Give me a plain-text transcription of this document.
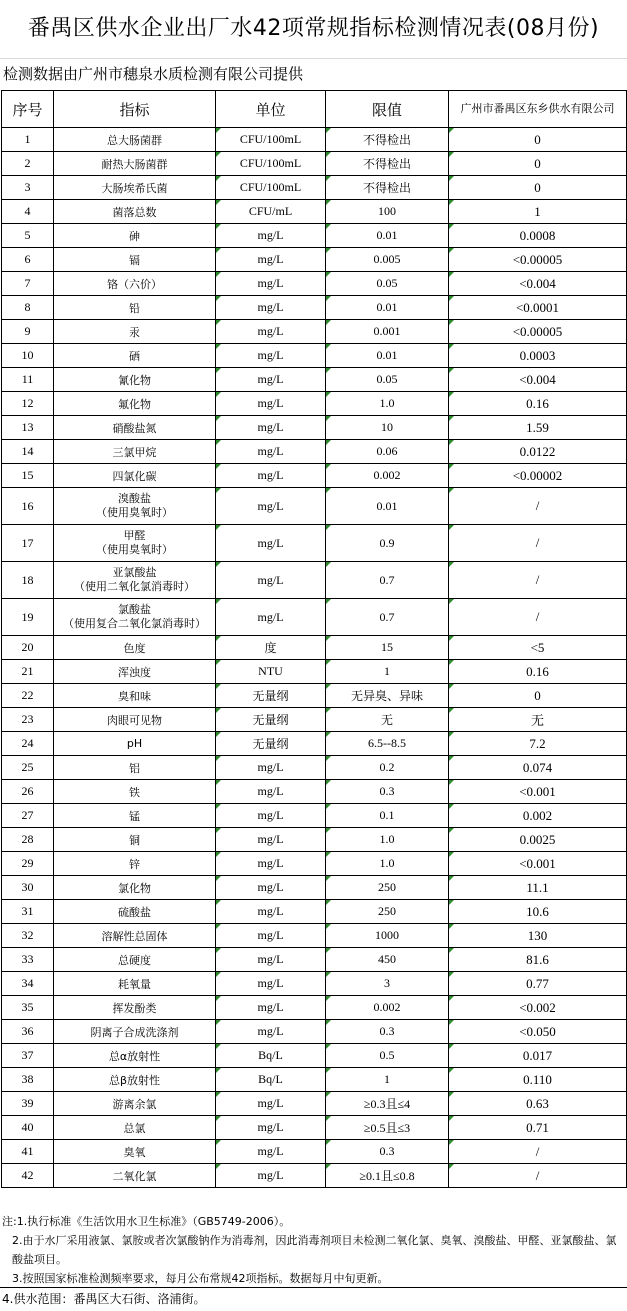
番禺区供水企业出厂水42项常规指标检测情况表(08月份)
检测数据由广州市穗泉水质检测有限公司提供
序号	指标	单位	限值	广州市番禺区东乡供水有限公司
1	总大肠菌群	CFU/100mL	不得检出	0
2	耐热大肠菌群	CFU/100mL	不得检出	0
3	大肠埃希氏菌	CFU/100mL	不得检出	0
4	菌落总数	CFU/mL	100	1
5	砷	mg/L	0.01	0.0008
6	镉	mg/L	0.005	<0.00005
7	铬（六价）	mg/L	0.05	<0.004
8	铅	mg/L	0.01	<0.0001
9	汞	mg/L	0.001	<0.00005
10	硒	mg/L	0.01	0.0003
11	氰化物	mg/L	0.05	<0.004
12	氟化物	mg/L	1.0	0.16
13	硝酸盐氮	mg/L	10	1.59
14	三氯甲烷	mg/L	0.06	0.0122
15	四氯化碳	mg/L	0.002	<0.00002
16	溴酸盐
（使用臭氧时）	mg/L	0.01	/
17	甲醛
（使用臭氧时）	mg/L	0.9	/
18	亚氯酸盐
（使用二氧化氯消毒时）	mg/L	0.7	/
19	氯酸盐
（使用复合二氧化氯消毒时）	mg/L	0.7	/
20	色度	度	15	<5
21	浑浊度	NTU	1	0.16
22	臭和味	无量纲	无异臭、异味	0
23	肉眼可见物	无量纲	无	无
24	pH	无量纲	6.5--8.5	7.2
25	铝	mg/L	0.2	0.074
26	铁	mg/L	0.3	<0.001
27	锰	mg/L	0.1	0.002
28	铜	mg/L	1.0	0.0025
29	锌	mg/L	1.0	<0.001
30	氯化物	mg/L	250	11.1
31	硫酸盐	mg/L	250	10.6
32	溶解性总固体	mg/L	1000	130
33	总硬度	mg/L	450	81.6
34	耗氧量	mg/L	3	0.77
35	挥发酚类	mg/L	0.002	<0.002
36	阴离子合成洗涤剂	mg/L	0.3	<0.050
37	总α放射性	Bq/L	0.5	0.017
38	总β放射性	Bq/L	1	0.110
39	游离余氯	mg/L	≥0.3且≤4	0.63
40	总氯	mg/L	≥0.5且≤3	0.71
41	臭氧	mg/L	0.3	/
42	二氧化氯	mg/L	≥0.1且≤0.8	/

注:1.执行标准《生活饮用水卫生标准》（GB5749-2006）。

2.由于水厂采用液氯、氯胺或者次氯酸钠作为消毒剂，因此消毒剂项目未检测二氧化氯、臭氧、溴酸盐、甲醛、亚氯酸盐、氯酸盐项目。

3.按照国家标准检测频率要求，每月公布常规42项指标。数据每月中旬更新。

4.供水范围：番禺区大石街、洛浦街。
